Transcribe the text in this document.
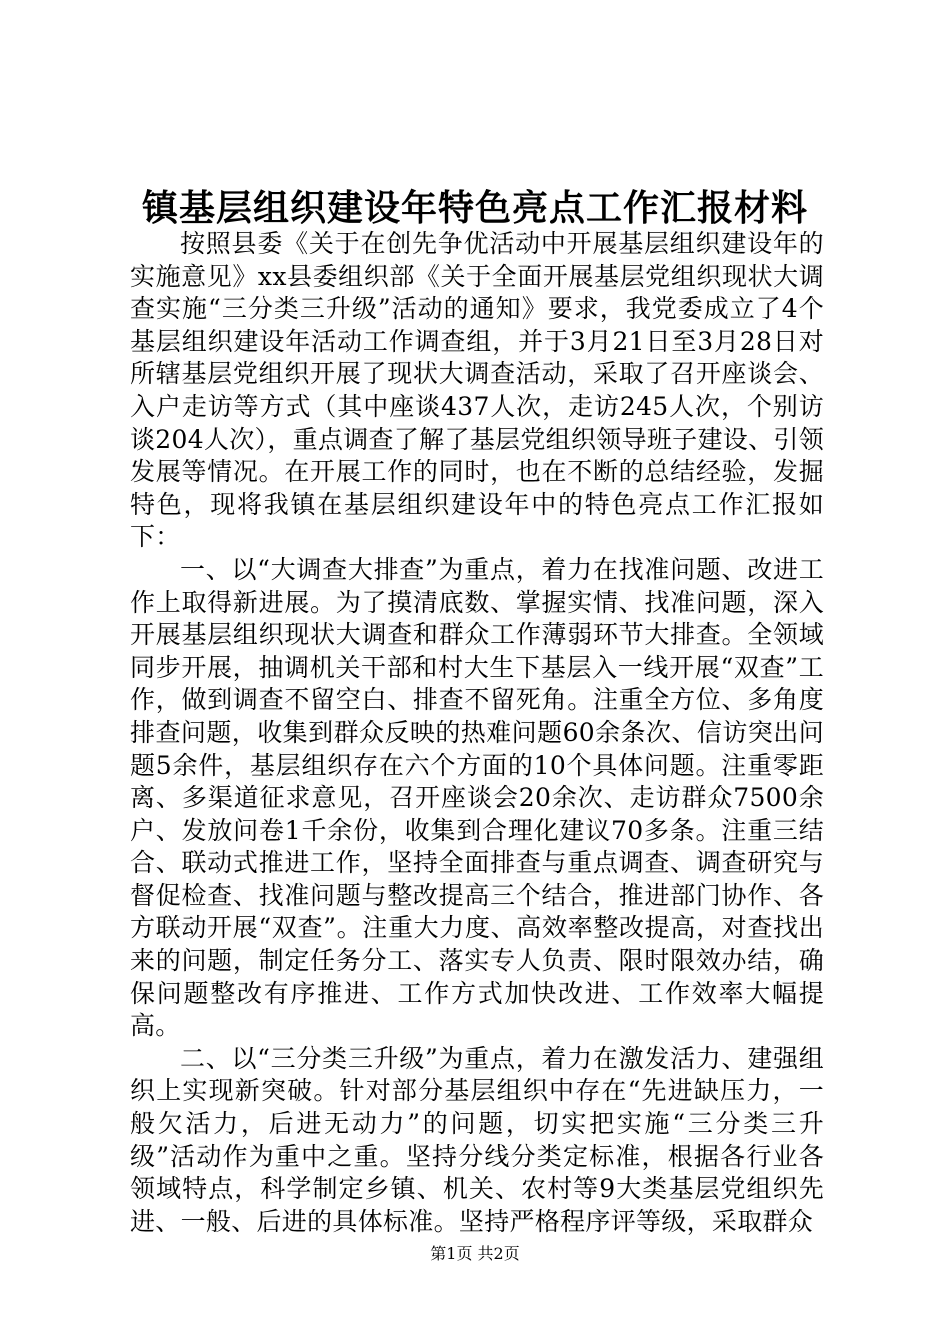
镇基层组织建设年特色亮点工作汇报材料

按照县委《关于在创先争优活动中开展基层组织建设年的实施意见》xx县委组织部《关于全面开展基层党组织现状大调查实施“三分类三升级”活动的通知》要求，我党委成立了4个基层组织建设年活动工作调查组，并于3月21日至3月28日对所辖基层党组织开展了现状大调查活动，采取了召开座谈会、入户走访等方式（其中座谈437人次，走访245人次，个别访谈204人次），重点调查了解了基层党组织领导班子建设、引领发展等情况。在开展工作的同时，也在不断的总结经验，发掘特色，现将我镇在基层组织建设年中的特色亮点工作汇报如下：

一、以“大调查大排查”为重点，着力在找准问题、改进工作上取得新进展。为了摸清底数、掌握实情、找准问题，深入开展基层组织现状大调查和群众工作薄弱环节大排查。全领域同步开展，抽调机关干部和村大生下基层入一线开展“双查”工作，做到调查不留空白、排查不留死角。注重全方位、多角度排查问题，收集到群众反映的热难问题60余条次、信访突出问题5余件，基层组织存在六个方面的10个具体问题。注重零距离、多渠道征求意见，召开座谈会20余次、走访群众7500余户、发放问卷1千余份，收集到合理化建议70多条。注重三结合、联动式推进工作，坚持全面排查与重点调查、调查研究与督促检查、找准问题与整改提高三个结合，推进部门协作、各方联动开展“双查”。注重大力度、高效率整改提高，对查找出来的问题，制定任务分工、落实专人负责、限时限效办结，确保问题整改有序推进、工作方式加快改进、工作效率大幅提高。

二、以“三分类三升级”为重点，着力在激发活力、建强组织上实现新突破。针对部分基层组织中存在“先进缺压力，一般欠活力，后进无动力”的问题，切实把实施“三分类三升级”活动作为重中之重。坚持分线分类定标准，根据各行业各领域特点，科学制定乡镇、机关、农村等9大类基层党组织先进、一般、后进的具体标准。坚持严格程序评等级，采取群众

第1页 共2页
